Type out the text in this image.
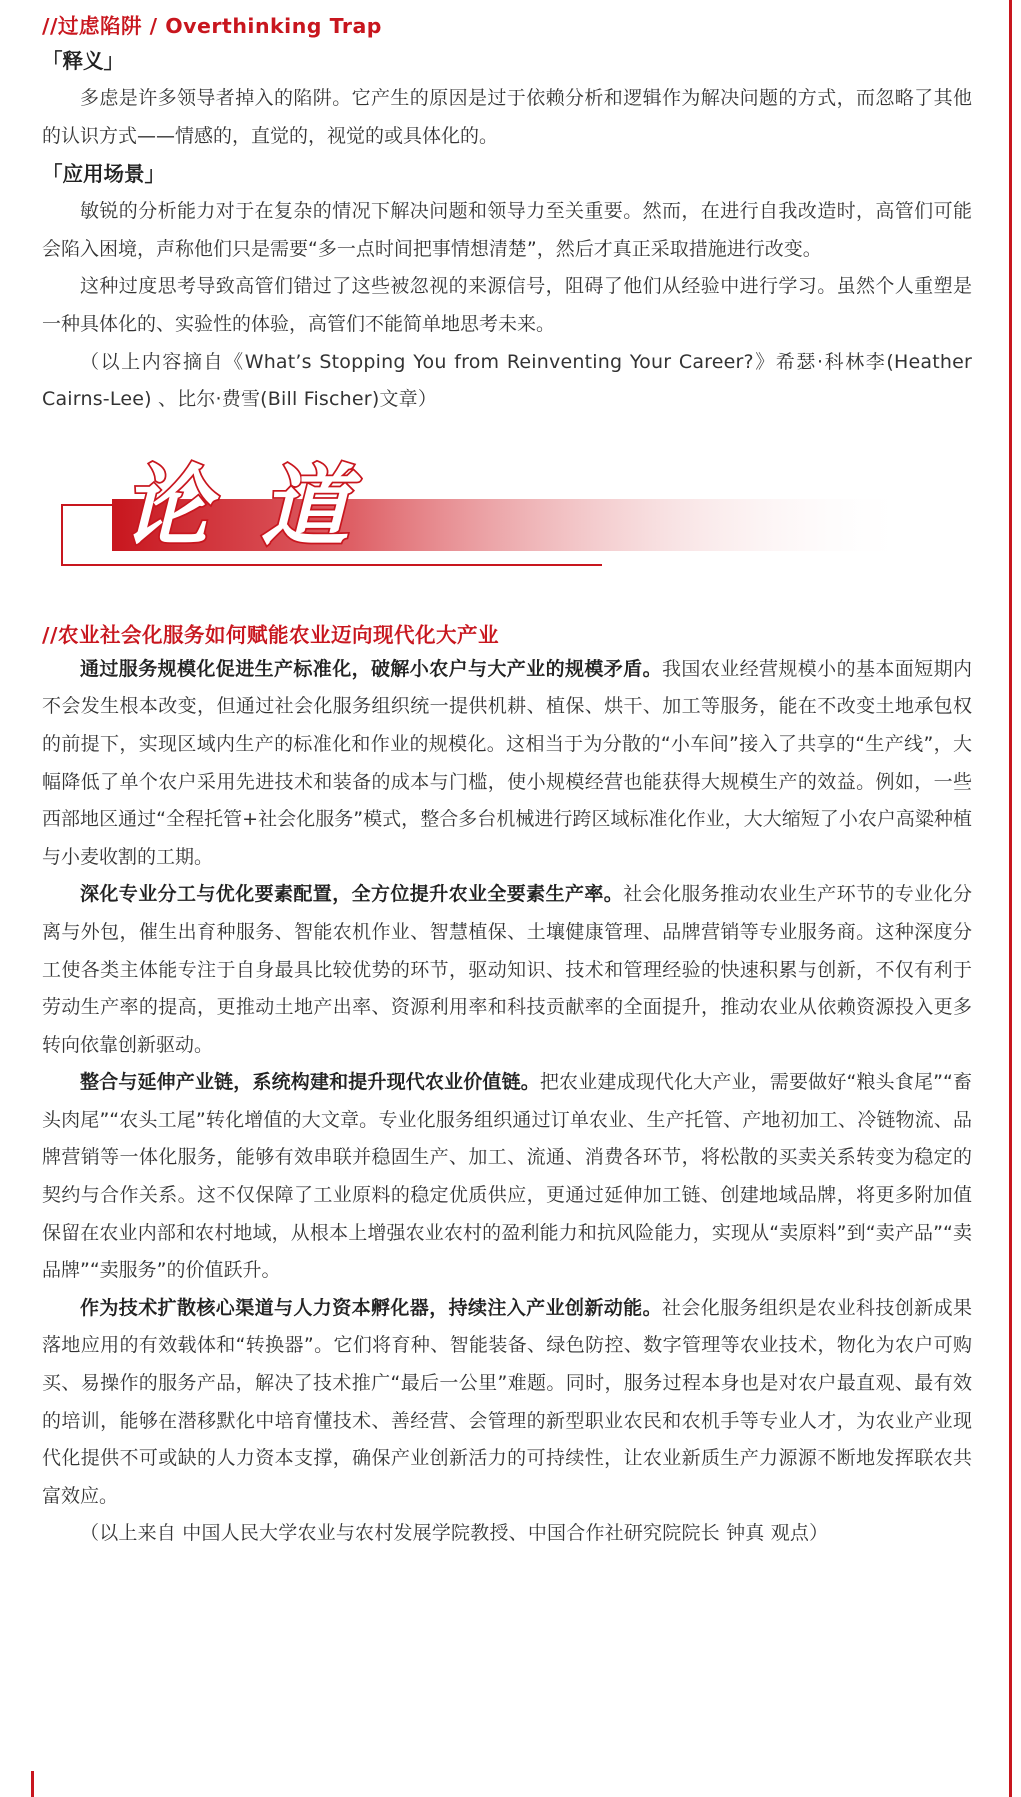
//过虑陷阱 / Overthinking Trap
「释义」

多虑是许多领导者掉入的陷阱。它产生的原因是过于依赖分析和逻辑作为解决问题的方式，而忽略了其他的认识方式——情感的，直觉的，视觉的或具体化的。

「应用场景」

敏锐的分析能力对于在复杂的情况下解决问题和领导力至关重要。然而，在进行自我改造时，高管们可能会陷入困境，声称他们只是需要“多一点时间把事情想清楚”，然后才真正采取措施进行改变。

这种过度思考导致高管们错过了这些被忽视的来源信号，阻碍了他们从经验中进行学习。虽然个人重塑是一种具体化的、实验性的体验，高管们不能简单地思考未来。

（以上内容摘自《What’s Stopping You from Reinventing Your Career?》希瑟·科林李(Heather Cairns-Lee) 、比尔·费雪(Bill Fischer)文章）

论 道
//农业社会化服务如何赋能农业迈向现代化大产业

通过服务规模化促进生产标准化，破解小农户与大产业的规模矛盾。我国农业经营规模小的基本面短期内不会发生根本改变，但通过社会化服务组织统一提供机耕、植保、烘干、加工等服务，能在不改变土地承包权的前提下，实现区域内生产的标准化和作业的规模化。这相当于为分散的“小车间”接入了共享的“生产线”，大幅降低了单个农户采用先进技术和装备的成本与门槛，使小规模经营也能获得大规模生产的效益。例如，一些西部地区通过“全程托管+社会化服务”模式，整合多台机械进行跨区域标准化作业，大大缩短了小农户高粱种植与小麦收割的工期。

深化专业分工与优化要素配置，全方位提升农业全要素生产率。社会化服务推动农业生产环节的专业化分离与外包，催生出育种服务、智能农机作业、智慧植保、土壤健康管理、品牌营销等专业服务商。这种深度分工使各类主体能专注于自身最具比较优势的环节，驱动知识、技术和管理经验的快速积累与创新，不仅有利于劳动生产率的提高，更推动土地产出率、资源利用率和科技贡献率的全面提升，推动农业从依赖资源投入更多转向依靠创新驱动。

整合与延伸产业链，系统构建和提升现代农业价值链。把农业建成现代化大产业，需要做好“粮头食尾”“畜头肉尾”“农头工尾”转化增值的大文章。专业化服务组织通过订单农业、生产托管、产地初加工、冷链物流、品牌营销等一体化服务，能够有效串联并稳固生产、加工、流通、消费各环节，将松散的买卖关系转变为稳定的契约与合作关系。这不仅保障了工业原料的稳定优质供应，更通过延伸加工链、创建地域品牌，将更多附加值保留在农业内部和农村地域，从根本上增强农业农村的盈利能力和抗风险能力，实现从“卖原料”到“卖产品”“卖品牌”“卖服务”的价值跃升。

作为技术扩散核心渠道与人力资本孵化器，持续注入产业创新动能。社会化服务组织是农业科技创新成果落地应用的有效载体和“转换器”。它们将育种、智能装备、绿色防控、数字管理等农业技术，物化为农户可购买、易操作的服务产品，解决了技术推广“最后一公里”难题。同时，服务过程本身也是对农户最直观、最有效的培训，能够在潜移默化中培育懂技术、善经营、会管理的新型职业农民和农机手等专业人才，为农业产业现代化提供不可或缺的人力资本支撑，确保产业创新活力的可持续性，让农业新质生产力源源不断地发挥联农共富效应。

（以上来自 中国人民大学农业与农村发展学院教授、中国合作社研究院院长 钟真 观点）
